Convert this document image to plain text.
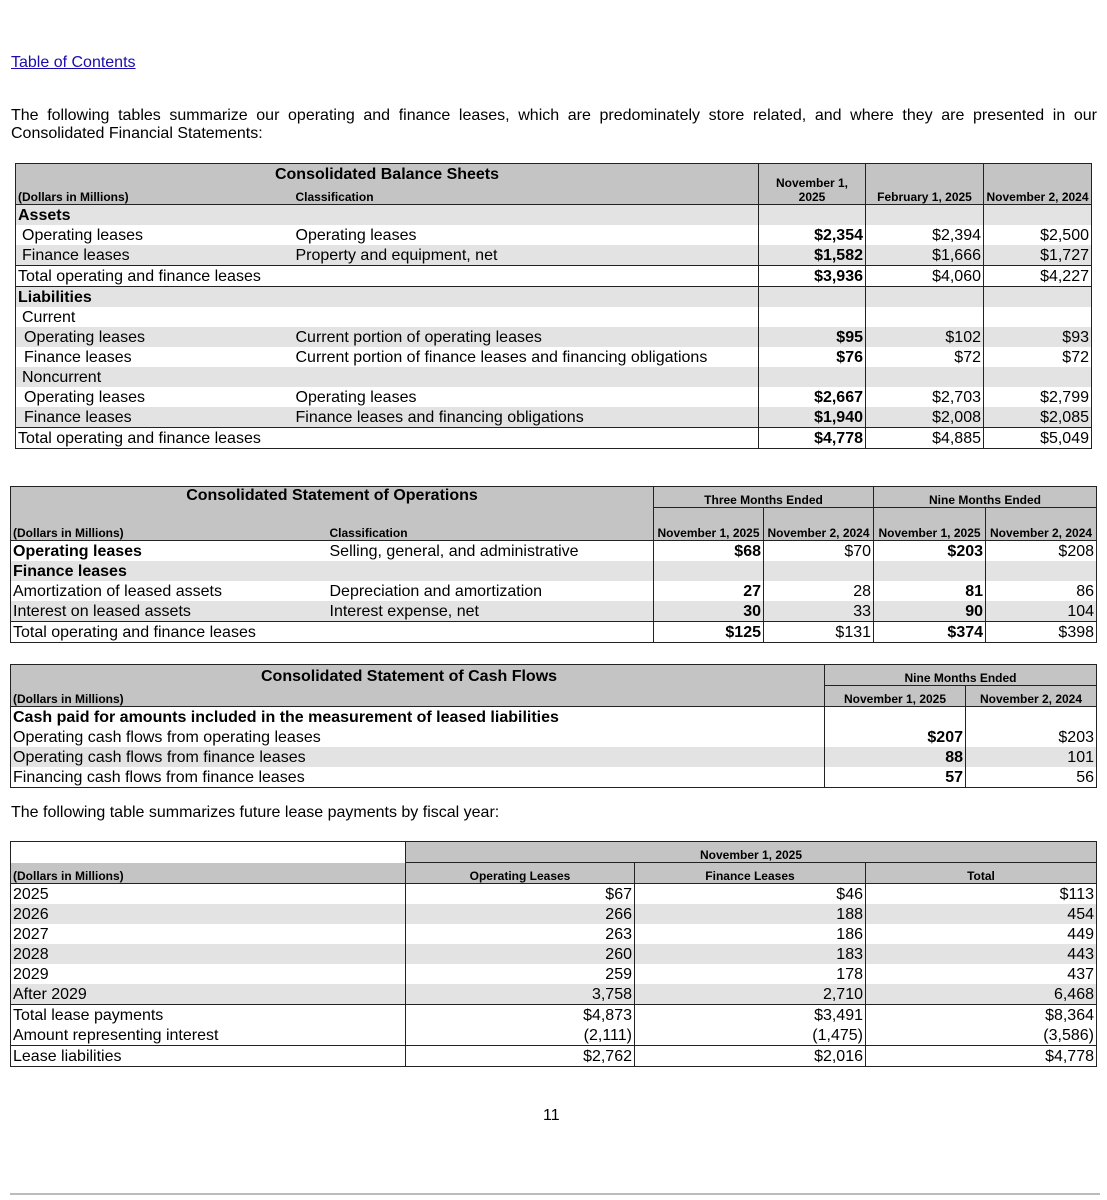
Table of Contents
The following tables summarize our operating and finance leases, which are predominately store related, and where they are presented in our Consolidated Financial Statements:
Consolidated Balance Sheets		November 1, 2025	February 1, 2025	November 2, 2024
(Dollars in Millions)	Classification			
Assets				
Operating leases	Operating leases	$2,354	$2,394	$2,500
Finance leases	Property and equipment, net	$1,582	$1,666	$1,727
Total operating and finance leases		$3,936	$4,060	$4,227
Liabilities				
Current				
Operating leases	Current portion of operating leases	$95	$102	$93
Finance leases	Current portion of finance leases and financing obligations	$76	$72	$72
Noncurrent				
Operating leases	Operating leases	$2,667	$2,703	$2,799
Finance leases	Finance leases and financing obligations	$1,940	$2,008	$2,085
Total operating and finance leases		$4,778	$4,885	$5,049
Consolidated Statement of Operations		Three Months Ended		Nine Months Ended	
		November 1, 2025	November 2, 2024	November 1, 2025	November 2, 2024
(Dollars in Millions)	Classification				
Operating leases	Selling, general, and administrative	$68	$70	$203	$208
Finance leases					
Amortization of leased assets	Depreciation and amortization	27	28	81	86
Interest on leased assets	Interest expense, net	30	33	90	104
Total operating and finance leases		$125	$131	$374	$398
Consolidated Statement of Cash Flows	Nine Months Ended	
(Dollars in Millions)	November 1, 2025	November 2, 2024
Cash paid for amounts included in the measurement of leased liabilities		
Operating cash flows from operating leases	$207	$203
Operating cash flows from finance leases	88	101
Financing cash flows from finance leases	57	56
The following table summarizes future lease payments by fiscal year:
	November 1, 2025		
(Dollars in Millions)	Operating Leases	Finance Leases	Total
2025	$67	$46	$113
2026	266	188	454
2027	263	186	449
2028	260	183	443
2029	259	178	437
After 2029	3,758	2,710	6,468
Total lease payments	$4,873	$3,491	$8,364
Amount representing interest	(2,111)	(1,475)	(3,586)
Lease liabilities	$2,762	$2,016	$4,778
11
